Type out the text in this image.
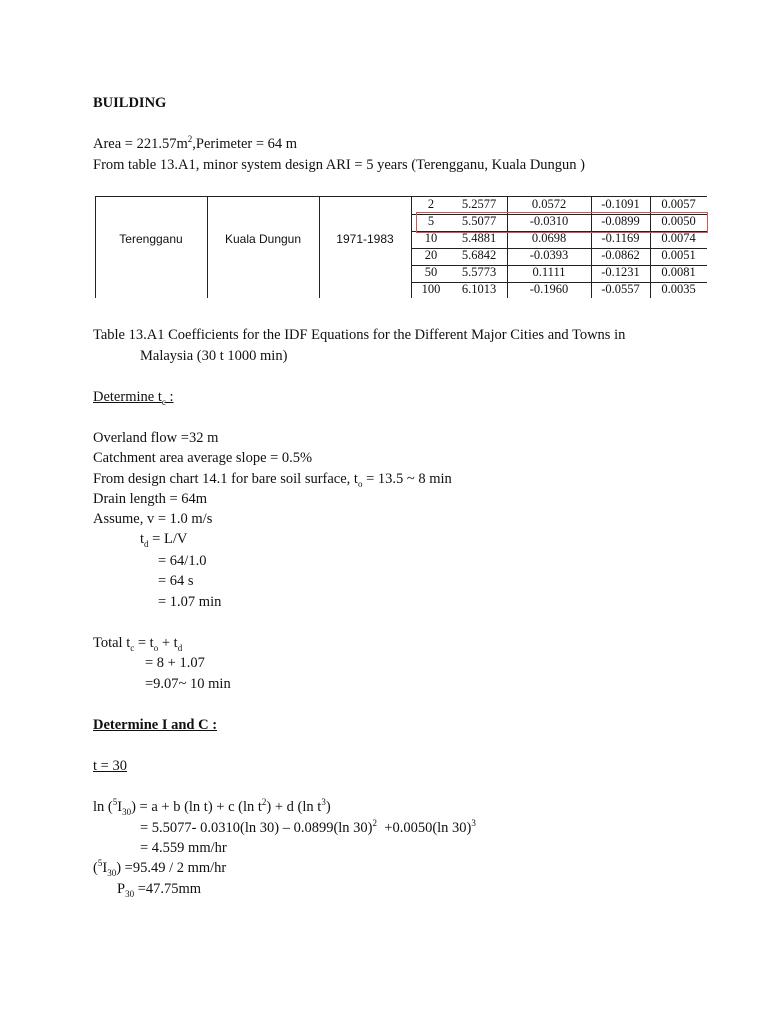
BUILDING
Area = $221.57m^2,Perimeter = 64$ m
From table 13.A1, minor system design ARI = 5 years (Terengganu, Kuala Dungun )
Terengganu	Kuala Dungun	1971-1983
2	5.2577	0.0572	-0.1091	0.0057
5	5.5077	-0.0310	-0.0899	0.0050
10	5.4881	0.0698	-0.1169	0.0074
20	5.6842	-0.0393	-0.0862	0.0051
50	5.5773	0.1111	-0.1231	0.0081
100	6.1013	-0.1960	-0.0557	0.0035
Table 13.A1 Coefficients for the IDF Equations for the Different Major Cities and Towns in
Malaysia (30 t 1000 min)
Determine $t_c$ :
Overland flow =32 m
Catchment area average slope = 0.5%
From design chart 14.1 for bare soil surface, $t_o = 13.5$ ~ 8 min
Drain length = 64m
Assume, v = 1.0 m/s
$t_d = L/V$
= 64/1.0
= 64 s
= 1.07 min
Total $t_c = t_o + t_d$
= 8 + 1.07
=9.07~ 10 min
Determine I and C :
t = 30
$\ln (^5I_{30}) = a + b$ (ln t) + c (ln $t^2) + d$ (ln $t^3$)
= 5.5077- 0.0310(ln 30) – 0.0899(ln 30)$^2$  +0.0050(ln 30)$^3$
= 4.559 mm/hr
$(^5I_{30}) =95.49 / 2$ mm/hr
$P_{30} =47.75mm$
